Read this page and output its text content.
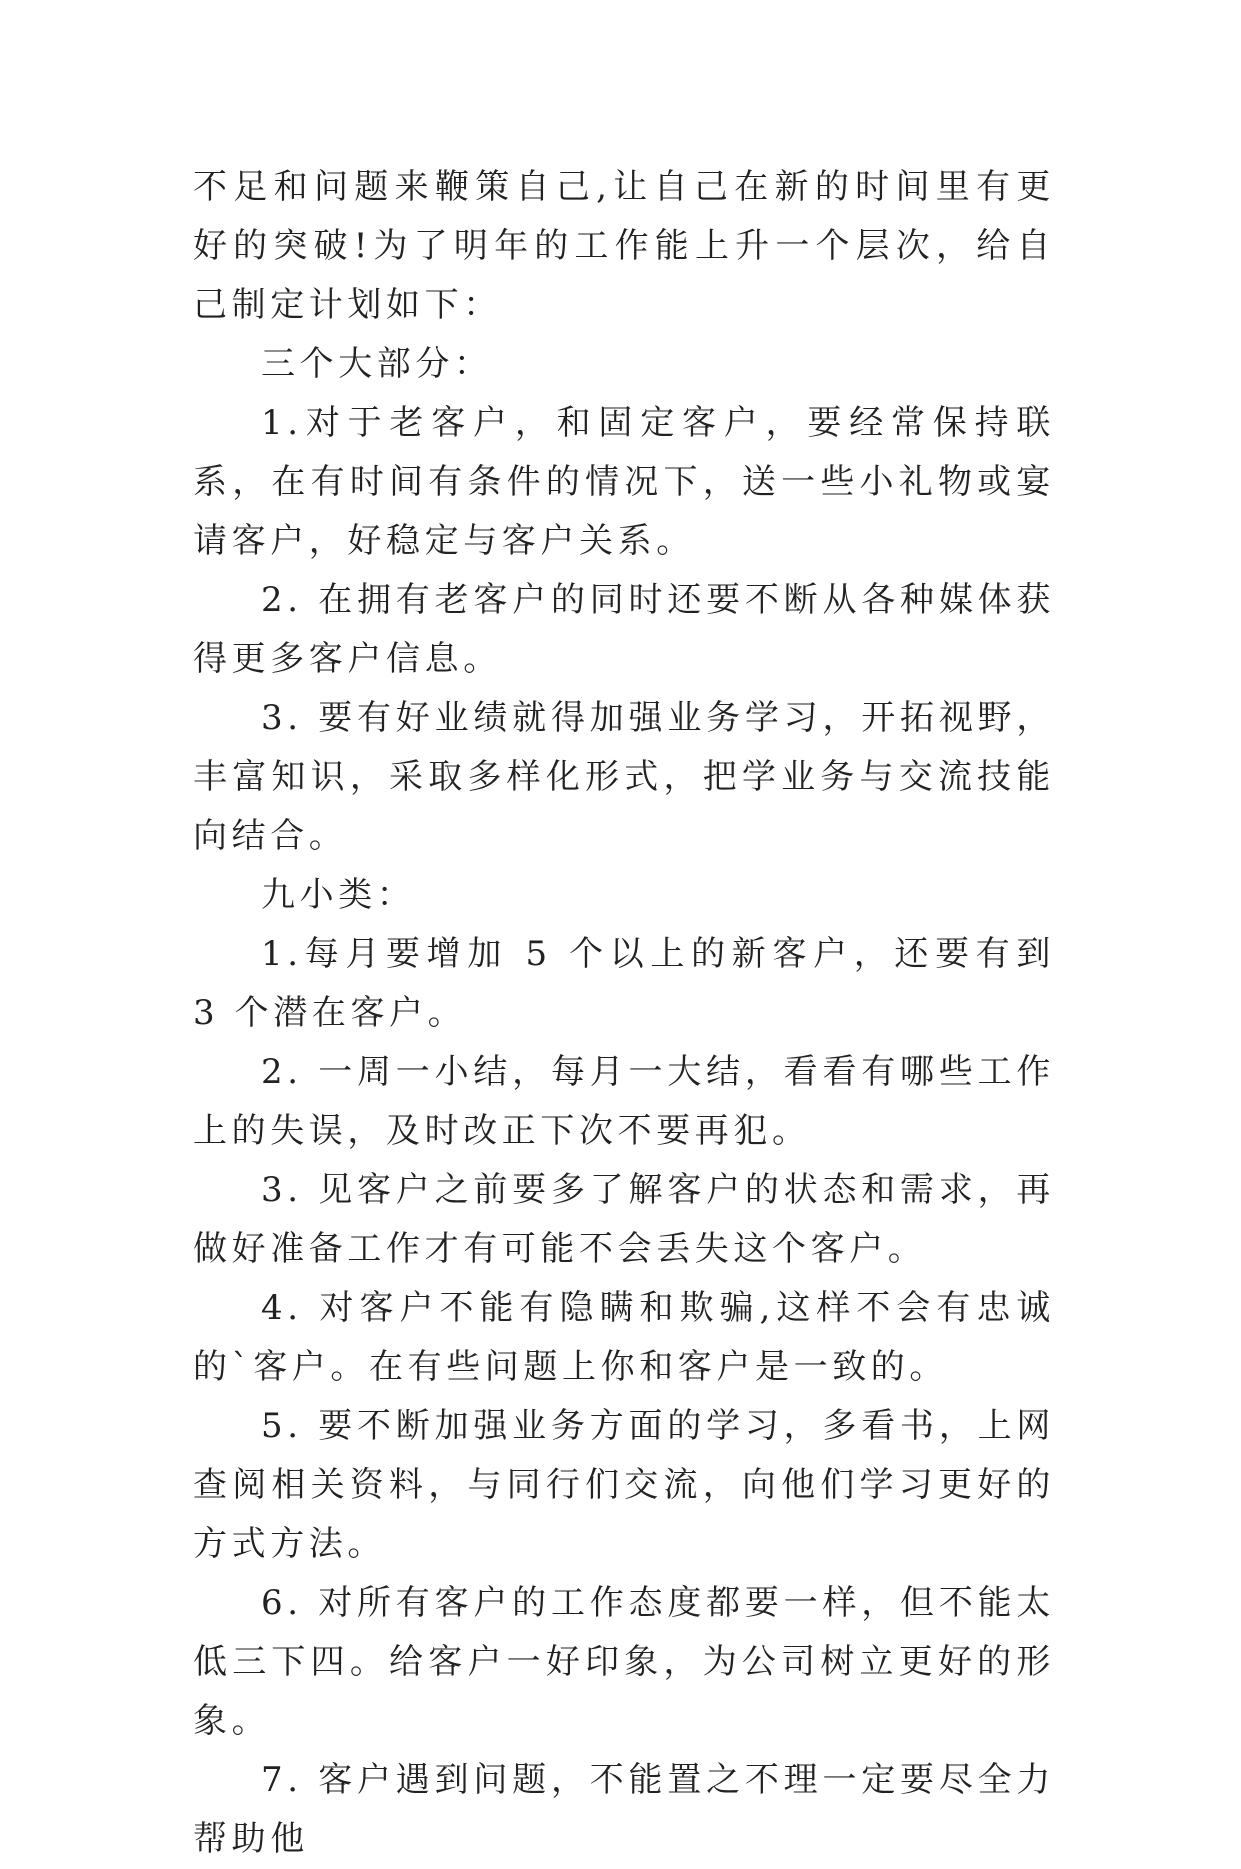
不足和问题来鞭策自己,让自己在新的时间里有更好的突破!为了明年的工作能上升一个层次，给自己制定计划如下：

三个大部分：

1.对于老客户，和固定客户，要经常保持联系，在有时间有条件的情况下，送一些小礼物或宴请客户，好稳定与客户关系。

2. 在拥有老客户的同时还要不断从各种媒体获得更多客户信息。

3. 要有好业绩就得加强业务学习，开拓视野，丰富知识，采取多样化形式，把学业务与交流技能向结合。

九小类：

1.每月要增加 5 个以上的新客户，还要有到 3 个潜在客户。

2. 一周一小结，每月一大结，看看有哪些工作上的失误，及时改正下次不要再犯。

3. 见客户之前要多了解客户的状态和需求，再做好准备工作才有可能不会丢失这个客户。

4. 对客户不能有隐瞒和欺骗,这样不会有忠诚的`客户。在有些问题上你和客户是一致的。

5. 要不断加强业务方面的学习，多看书，上网查阅相关资料，与同行们交流，向他们学习更好的方式方法。

6. 对所有客户的工作态度都要一样，但不能太低三下四。给客户一好印象，为公司树立更好的形象。

7. 客户遇到问题，不能置之不理一定要尽全力帮助他
